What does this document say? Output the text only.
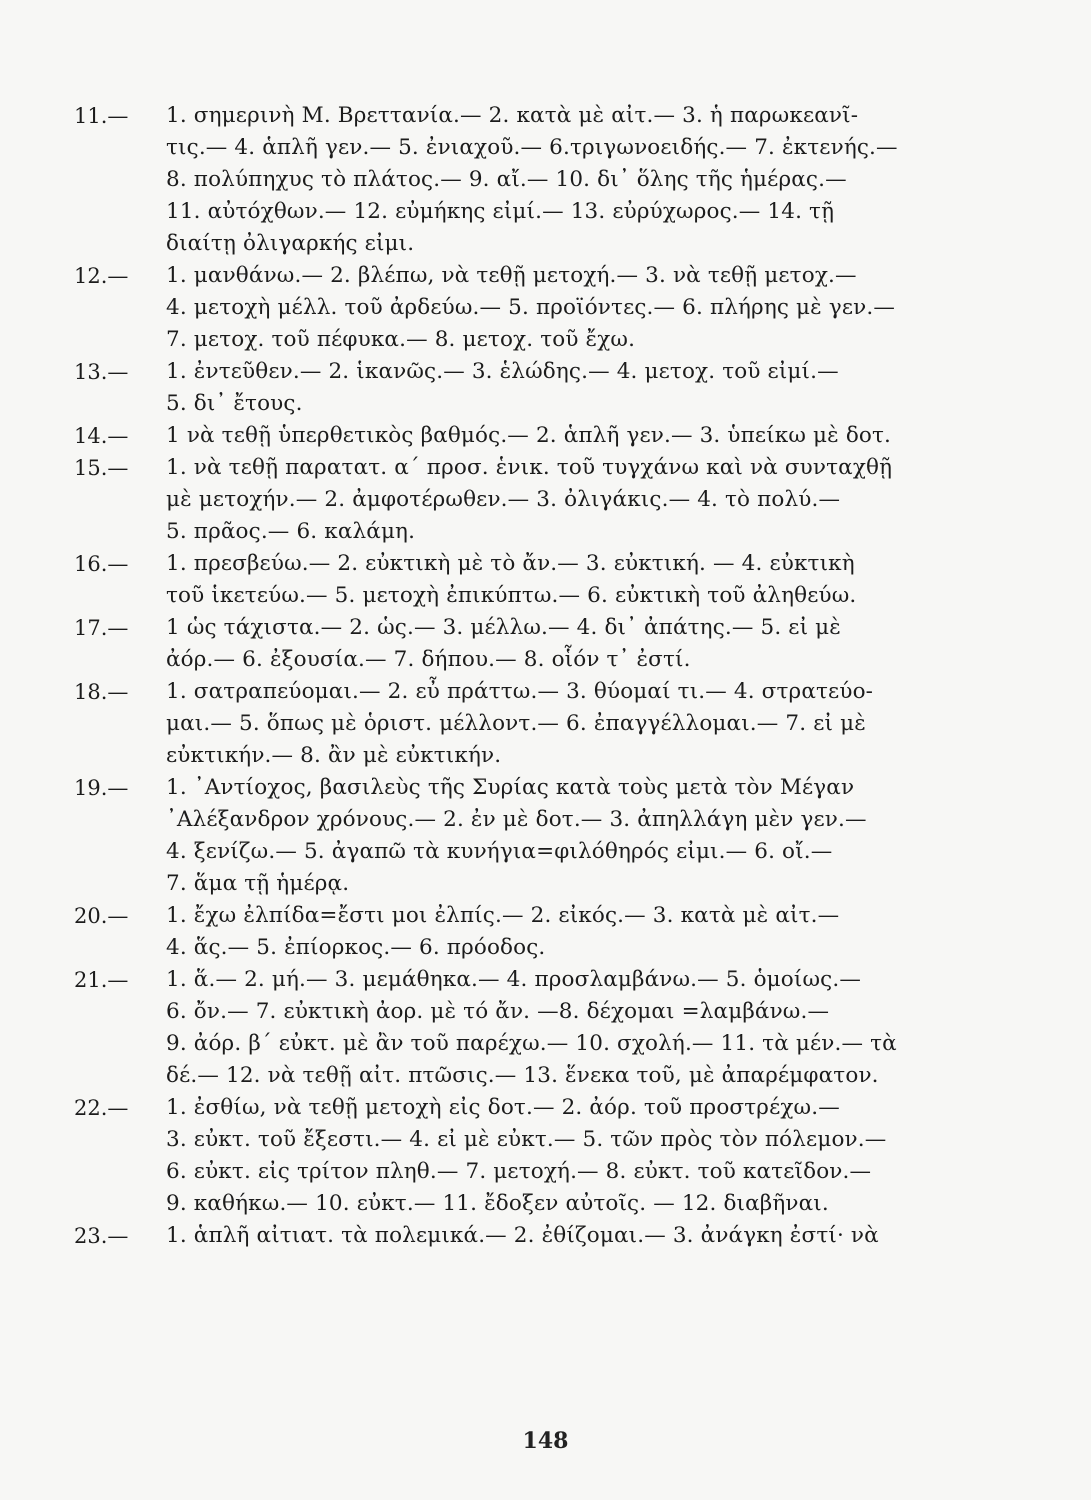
11.—	1. σημερινὴ Μ. Βρεττανία.— 2. κατὰ μὲ αἰτ.— 3. ἡ παρωκεανῖ-
τις.— 4. ἁπλῆ γεν.— 5. ἐνιαχοῦ.— 6.τριγωνοειδής.— 7. ἐκτενής.—
8. πολύπηχυς τὸ πλάτος.— 9. αἴ.— 10. δι᾽ ὅλης τῆς ἡμέρας.—
11. αὐτόχθων.— 12. εὐμήκης εἰμί.— 13. εὐρύχωρος.— 14. τῇ
διαίτῃ ὀλιγαρκής εἰμι.
12.—	1. μανθάνω.— 2. βλέπω, νὰ τεθῇ μετοχή.— 3. νὰ τεθῇ μετοχ.—
4. μετοχὴ μέλλ. τοῦ ἀρδεύω.— 5. προϊόντες.— 6. πλήρης μὲ γεν.—
7. μετοχ. τοῦ πέφυκα.— 8. μετοχ. τοῦ ἔχω.
13.—	1. ἐντεῦθεν.— 2. ἱκανῶς.— 3. ἑλώδης.— 4. μετοχ. τοῦ εἰμί.—
5. δι᾽ ἔτους.
14.—	1 νὰ τεθῇ ὑπερθετικὸς βαθμός.— 2. ἁπλῆ γεν.— 3. ὑπείκω μὲ δοτ.
15.—	1. νὰ τεθῇ παρατατ. α´ προσ. ἑνικ. τοῦ τυγχάνω καὶ νὰ συνταχθῇ
μὲ μετοχήν.— 2. ἀμφοτέρωθεν.— 3. ὀλιγάκις.— 4. τὸ πολύ.—
5. πρᾶος.— 6. καλάμη.
16.—	1. πρεσβεύω.— 2. εὐκτικὴ μὲ τὸ ἄν.— 3. εὐκτική. — 4. εὐκτικὴ
τοῦ ἱκετεύω.— 5. μετοχὴ ἐπικύπτω.— 6. εὐκτικὴ τοῦ ἀληθεύω.
17.—	1 ὡς τάχιστα.— 2. ὡς.— 3. μέλλω.— 4. δι᾽ ἀπάτης.— 5. εἰ μὲ
ἀόρ.— 6. ἐξουσία.— 7. δήπου.— 8. οἷόν τ᾽ ἐστί.
18.—	1. σατραπεύομαι.— 2. εὖ πράττω.— 3. θύομαί τι.— 4. στρατεύο-
μαι.— 5. ὅπως μὲ ὁριστ. μέλλοντ.— 6. ἐπαγγέλλομαι.— 7. εἰ μὲ
εὐκτικήν.— 8. ἂν μὲ εὐκτικήν.
19.—	1. ᾿Αντίοχος, βασιλεὺς τῆς Συρίας κατὰ τοὺς μετὰ τὸν Μέγαν
᾿Αλέξανδρον χρόνους.— 2. ἐν μὲ δοτ.— 3. ἀπηλλάγη μὲν γεν.—
4. ξενίζω.— 5. ἀγαπῶ τὰ κυνήγια=φιλόθηρός εἰμι.— 6. οἴ.—
7. ἅμα τῇ ἡμέρᾳ.
20.—	1. ἔχω ἐλπίδα=ἔστι μοι ἐλπίς.— 2. εἰκός.— 3. κατὰ μὲ αἰτ.—
4. ἅς.— 5. ἐπίορκος.— 6. πρόοδος.
21.—	1. ἅ.— 2. μή.— 3. μεμάθηκα.— 4. προσλαμβάνω.— 5. ὁμοίως.—
6. ὄν.— 7. εὐκτικὴ ἀορ. μὲ τό ἄν. —8. δέχομαι =λαμβάνω.—
9. ἀόρ. β´ εὐκτ. μὲ ἂν τοῦ παρέχω.— 10. σχολή.— 11. τὰ μέν.— τὰ
δέ.— 12. νὰ τεθῇ αἰτ. πτῶσις.— 13. ἕνεκα τοῦ, μὲ ἀπαρέμφατον.
22.—	1. ἐσθίω, νὰ τεθῇ μετοχὴ εἰς δοτ.— 2. ἀόρ. τοῦ προστρέχω.—
3. εὐκτ. τοῦ ἔξεστι.— 4. εἰ μὲ εὐκτ.— 5. τῶν πρὸς τὸν πόλεμον.—
6. εὐκτ. εἰς τρίτον πληθ.— 7. μετοχή.— 8. εὐκτ. τοῦ κατεῖδον.—
9. καθήκω.— 10. εὐκτ.— 11. ἔδοξεν αὐτοῖς. — 12. διαβῆναι.
23.—	1. ἁπλῆ αἰτιατ. τὰ πολεμικά.— 2. ἐθίζομαι.— 3. ἀνάγκη ἐστί· νὰ
148
